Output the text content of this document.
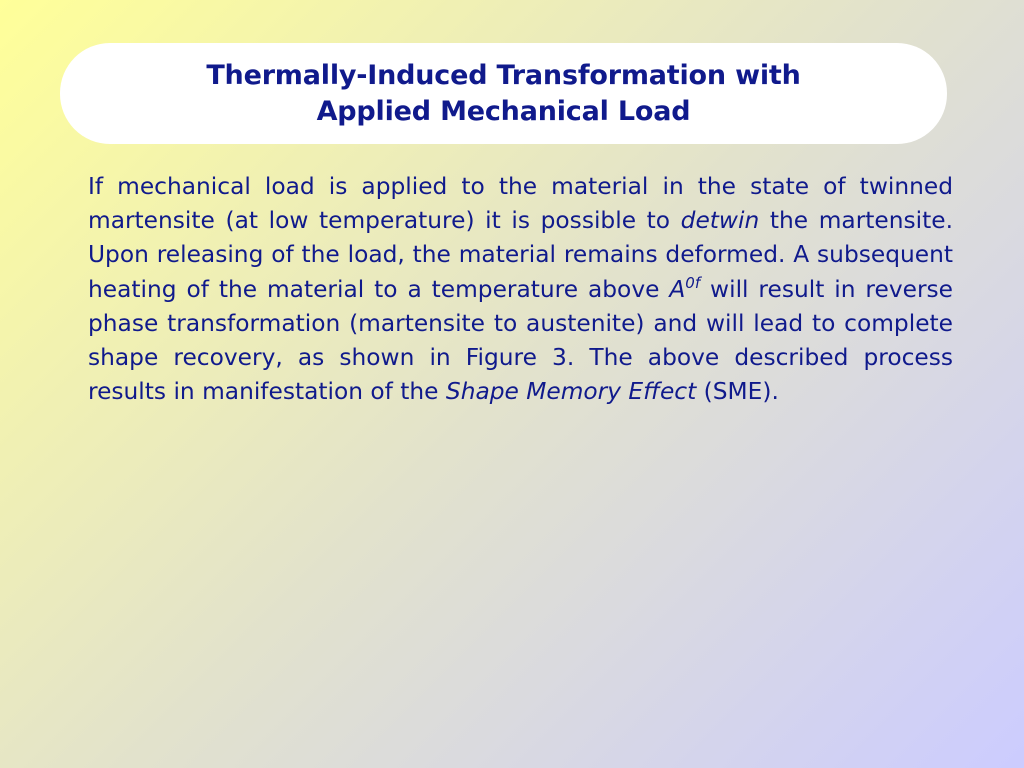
Thermally-Induced Transformation with
Applied Mechanical Load

If mechanical load is applied to the material in the state of twinned martensite (at low temperature) it is possible to detwin the martensite. Upon releasing of the load, the material remains deformed. A subsequent heating of the material to a temperature above $A^{0f}$ will result in reverse phase transformation (martensite to austenite) and will lead to complete shape recovery, as shown in Figure 3. The above described process results in manifestation of the Shape Memory Effect (SME).
